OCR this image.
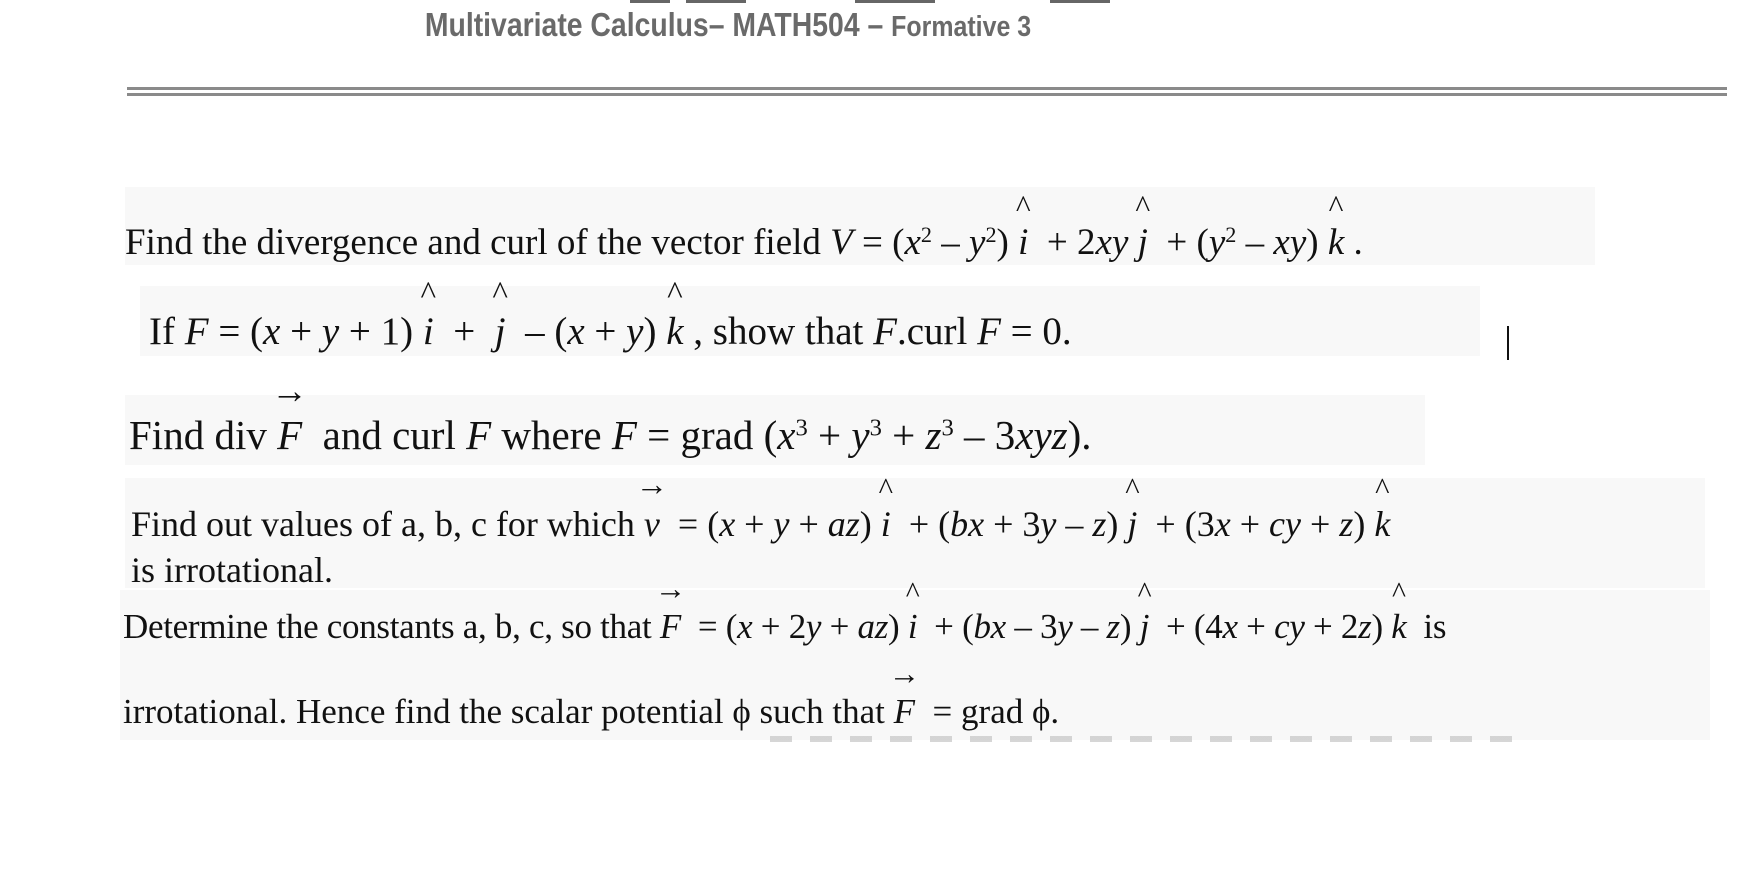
Multivariate Calculus– MATH504 – Formative 3
Find the divergence and curl of the vector field $V = (x^2 - y^2)$ ^ i  + 2xy ^ $j + (y^2 - xy)$ ^ k .
If F = (x + y + 1) ^ i  +  ^ j  – (x + y) ^ k , show that F.curl F = 0.
Find div → F  and curl F where F = grad $(x^3 + y^3 + z^3 - 3xyz)$.
Find out values of a, b, c for which → v  = (x + y + az) ^ i  + (bx + 3y – z) ^ j  + (3x + cy + z) ^ k
is irrotational.
Determine the constants a, b, c, so that → F  = (x + 2y + az) ^ i  + (bx – 3y – z) ^ j  + (4x + cy + 2z) ^ k  is
irrotational. Hence find the scalar potential ϕ such that → F  = grad ϕ.
